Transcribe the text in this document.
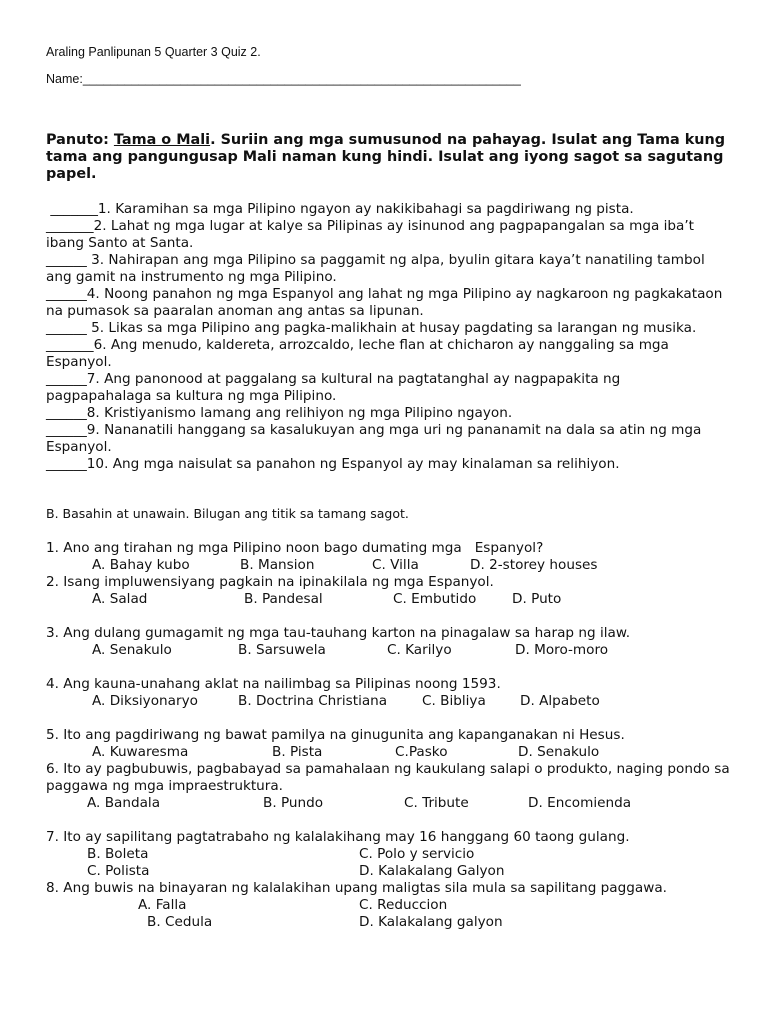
Araling Panlipunan 5 Quarter 3 Quiz 2.
Name:_______________________________________________________________
Panuto: Tama o Mali. Suriin ang mga sumusunod na pahayag. Isulat ang Tama kung tama ang pangungusap Mali naman kung hindi. Isulat ang iyong sagot sa sagutang papel.

_______1. Karamihan sa mga Pilipino ngayon ay nakikibahagi sa pagdiriwang ng pista.

_______2. Lahat ng mga lugar at kalye sa Pilipinas ay isinunod ang pagpapangalan sa mga iba’t ibang Santo at Santa.

______ 3. Nahirapan ang mga Pilipino sa paggamit ng alpa, byulin gitara kaya’t nanatiling tambol ang gamit na instrumento ng mga Pilipino.

______4. Noong panahon ng mga Espanyol ang lahat ng mga Pilipino ay nagkaroon ng pagkakataon na pumasok sa paaralan anoman ang antas sa lipunan.

______ 5. Likas sa mga Pilipino ang pagka-malikhain at husay pagdating sa larangan ng musika.

_______6. Ang menudo, kaldereta, arrozcaldo, leche flan at chicharon ay nanggaling sa mga Espanyol.

______7. Ang panonood at paggalang sa kultural na pagtatanghal ay nagpapakita ng pagpapahalaga sa kultura ng mga Pilipino.

______8. Kristiyanismo lamang ang relihiyon ng mga Pilipino ngayon.

______9. Nananatili hanggang sa kasalukuyan ang mga uri ng pananamit na dala sa atin ng mga Espanyol.

______10. Ang mga naisulat sa panahon ng Espanyol ay may kinalaman sa relihiyon.

B. Basahin at unawain. Bilugan ang titik sa tamang sagot.

1. Ano ang tirahan ng mga Pilipino noon bago dumating mga   Espanyol?

A. Bahay kubo	B. Mansion	C. Villa	D. 2-storey houses

2. Isang impluwensiyang pagkain na ipinakilala ng mga Espanyol.

A. Salad	B. Pandesal	C. Embutido	D. Puto

3. Ang dulang gumagamit ng mga tau-tauhang karton na pinagalaw sa harap ng ilaw.

A. Senakulo	B. Sarsuwela	C. Karilyo	D. Moro-moro

4. Ang kauna-unahang aklat na nailimbag sa Pilipinas noong 1593.

A. Diksiyonaryo	B. Doctrina Christiana	C. Bibliya	D. Alpabeto

5. Ito ang pagdiriwang ng bawat pamilya na ginugunita ang kapanganakan ni Hesus.

A. Kuwaresma	B. Pista	C.Pasko	D. Senakulo

6. Ito ay pagbubuwis, pagbabayad sa pamahalaan ng kaukulang salapi o produkto, naging pondo sa paggawa ng mga impraestruktura.

A. Bandala	B. Pundo	C. Tribute	D. Encomienda

7. Ito ay sapilitang pagtatrabaho ng kalalakihang may 16 hanggang 60 taong gulang.

B. Boleta	C. Polo y servicio
C. Polista	D. Kalakalang Galyon

8. Ang buwis na binayaran ng kalalakihan upang maligtas sila mula sa sapilitang paggawa.

A. Falla	C. Reduccion
B. Cedula	D. Kalakalang galyon
